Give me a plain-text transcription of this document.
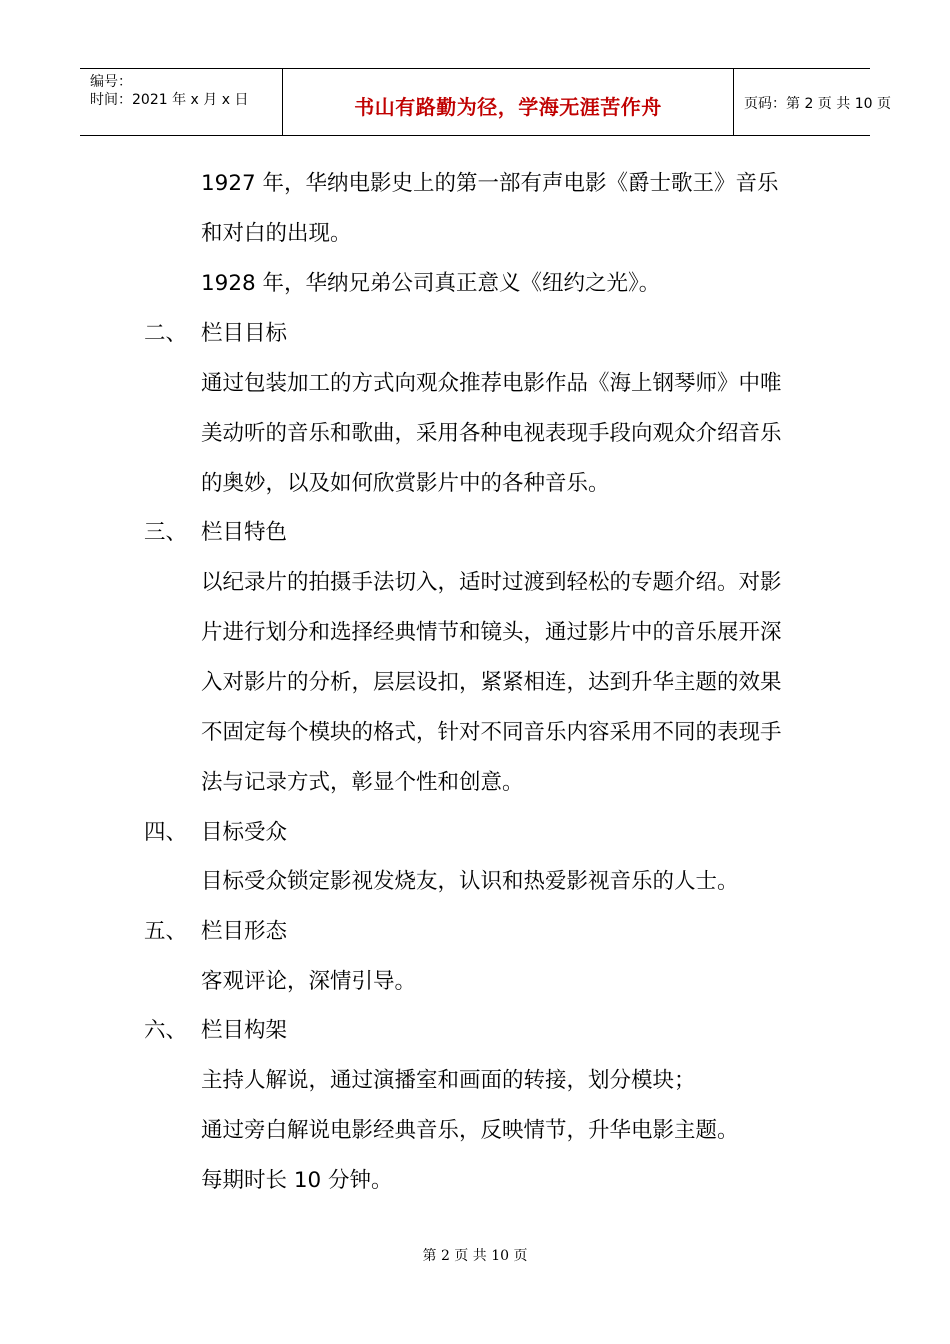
编号：
时间：2021 年 x 月 x 日	书山有路勤为径，学海无涯苦作舟	页码：第 2 页 共 10 页
1927 年，华纳电影史上的第一部有声电影《爵士歌王》音乐
和对白的出现。
1928 年，华纳兄弟公司真正意义《纽约之光》。
二、 栏目目标
通过包装加工的方式向观众推荐电影作品《海上钢琴师》中唯
美动听的音乐和歌曲，采用各种电视表现手段向观众介绍音乐
的奥妙，以及如何欣赏影片中的各种音乐。
三、 栏目特色
以纪录片的拍摄手法切入，适时过渡到轻松的专题介绍。对影
片进行划分和选择经典情节和镜头，通过影片中的音乐展开深
入对影片的分析，层层设扣，紧紧相连，达到升华主题的效果
不固定每个模块的格式，针对不同音乐内容采用不同的表现手
法与记录方式，彰显个性和创意。
四、 目标受众
目标受众锁定影视发烧友，认识和热爱影视音乐的人士。
五、 栏目形态
客观评论，深情引导。
六、 栏目构架
主持人解说，通过演播室和画面的转接，划分模块；
通过旁白解说电影经典音乐，反映情节，升华电影主题。
每期时长 10 分钟。
第 2 页 共 10 页
